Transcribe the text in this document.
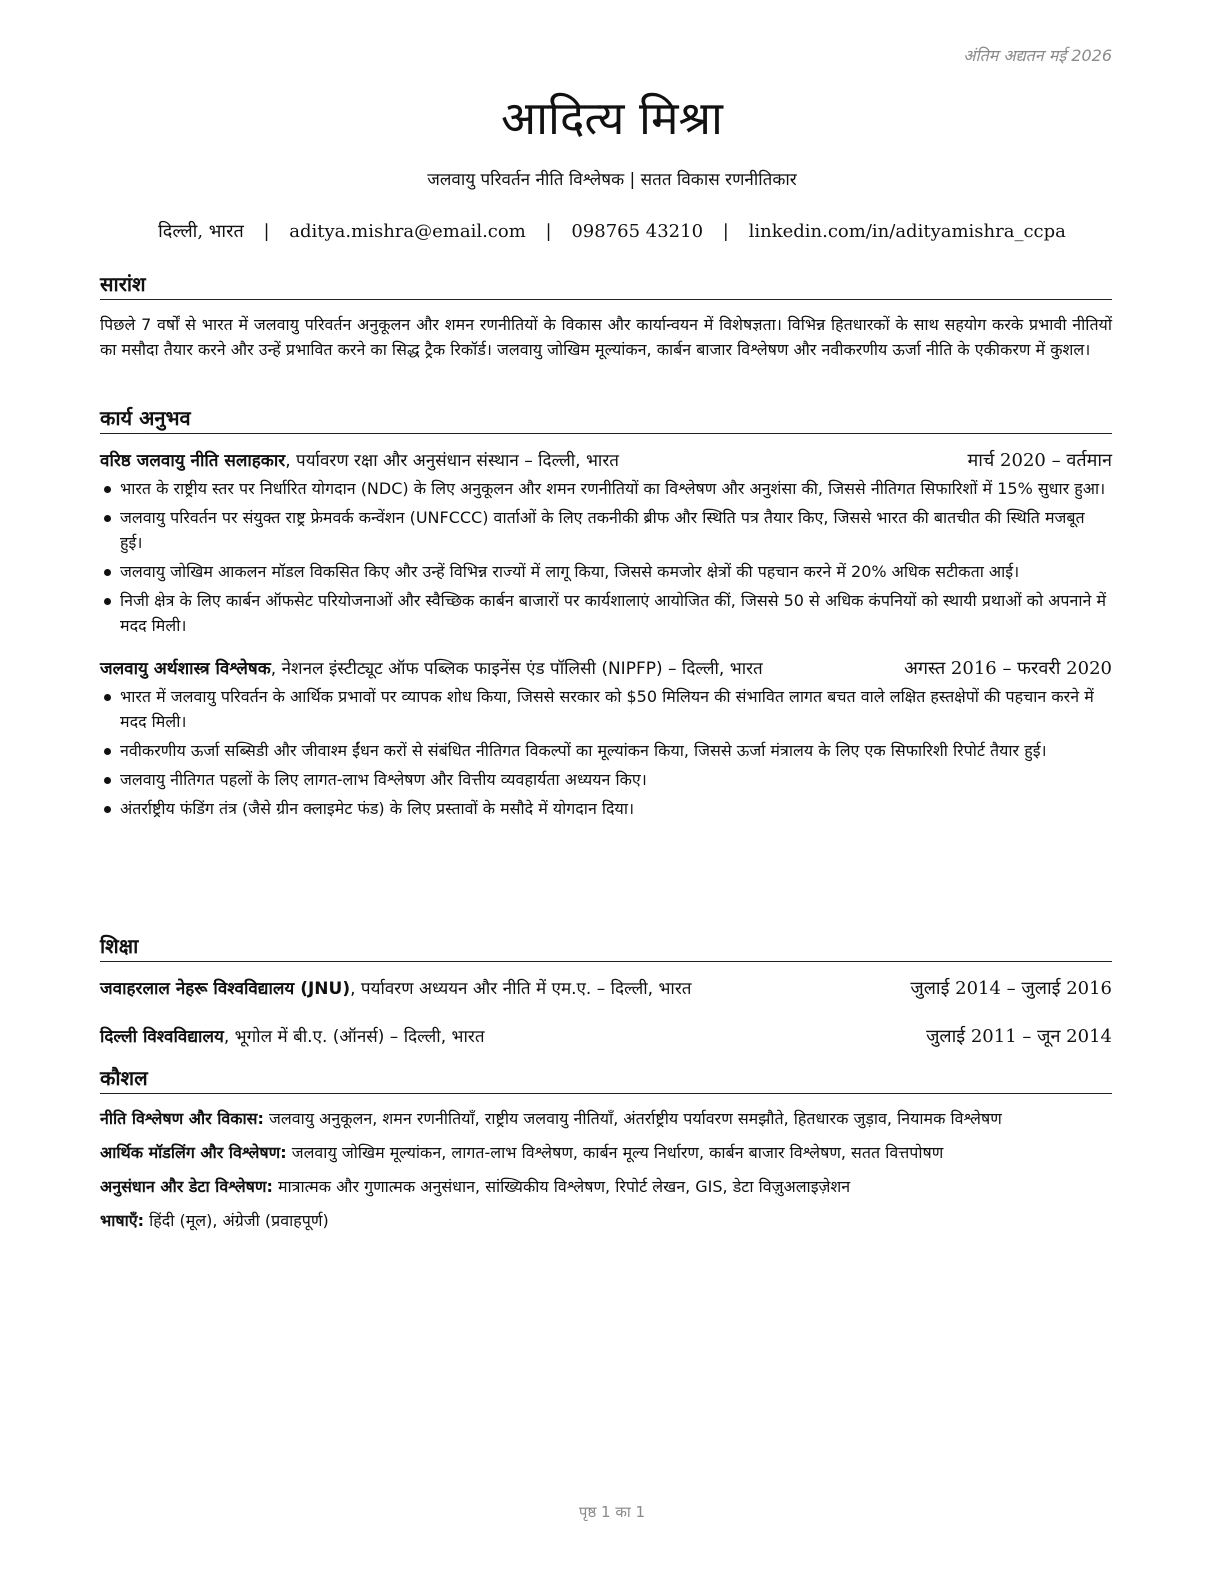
अंतिम अद्यतन मई 2026
आदित्य मिश्रा
जलवायु परिवर्तन नीति विश्लेषक | सतत विकास रणनीतिकार
दिल्ली, भारत | aditya.mishra@email.com | 098765 43210 | linkedin.com/in/adityamishra_ccpa
सारांश
पिछले 7 वर्षों से भारत में जलवायु परिवर्तन अनुकूलन और शमन रणनीतियों के विकास और कार्यान्वयन में विशेषज्ञता। विभिन्न हितधारकों के साथ सहयोग करके प्रभावी नीतियों का मसौदा तैयार करने और उन्हें प्रभावित करने का सिद्ध ट्रैक रिकॉर्ड। जलवायु जोखिम मूल्यांकन, कार्बन बाजार विश्लेषण और नवीकरणीय ऊर्जा नीति के एकीकरण में कुशल।
कार्य अनुभव
वरिष्ठ जलवायु नीति सलाहकार, पर्यावरण रक्षा और अनुसंधान संस्थान – दिल्ली, भारत	मार्च 2020 – वर्तमान
भारत के राष्ट्रीय स्तर पर निर्धारित योगदान (NDC) के लिए अनुकूलन और शमन रणनीतियों का विश्लेषण और अनुशंसा की, जिससे नीतिगत सिफारिशों में 15% सुधार हुआ।
जलवायु परिवर्तन पर संयुक्त राष्ट्र फ्रेमवर्क कन्वेंशन (UNFCCC) वार्ताओं के लिए तकनीकी ब्रीफ और स्थिति पत्र तैयार किए, जिससे भारत की बातचीत की स्थिति मजबूत हुई।
जलवायु जोखिम आकलन मॉडल विकसित किए और उन्हें विभिन्न राज्यों में लागू किया, जिससे कमजोर क्षेत्रों की पहचान करने में 20% अधिक सटीकता आई।
निजी क्षेत्र के लिए कार्बन ऑफसेट परियोजनाओं और स्वैच्छिक कार्बन बाजारों पर कार्यशालाएं आयोजित कीं, जिससे 50 से अधिक कंपनियों को स्थायी प्रथाओं को अपनाने में मदद मिली।
जलवायु अर्थशास्त्र विश्लेषक, नेशनल इंस्टीट्यूट ऑफ पब्लिक फाइनेंस एंड पॉलिसी (NIPFP) – दिल्ली, भारत	अगस्त 2016 – फरवरी 2020
भारत में जलवायु परिवर्तन के आर्थिक प्रभावों पर व्यापक शोध किया, जिससे सरकार को $50 मिलियन की संभावित लागत बचत वाले लक्षित हस्तक्षेपों की पहचान करने में मदद मिली।
नवीकरणीय ऊर्जा सब्सिडी और जीवाश्म ईंधन करों से संबंधित नीतिगत विकल्पों का मूल्यांकन किया, जिससे ऊर्जा मंत्रालय के लिए एक सिफारिशी रिपोर्ट तैयार हुई।
जलवायु नीतिगत पहलों के लिए लागत-लाभ विश्लेषण और वित्तीय व्यवहार्यता अध्ययन किए।
अंतर्राष्ट्रीय फंडिंग तंत्र (जैसे ग्रीन क्लाइमेट फंड) के लिए प्रस्तावों के मसौदे में योगदान दिया।
शिक्षा
जवाहरलाल नेहरू विश्वविद्यालय (JNU), पर्यावरण अध्ययन और नीति में एम.ए. – दिल्ली, भारत	जुलाई 2014 – जुलाई 2016
दिल्ली विश्वविद्यालय, भूगोल में बी.ए. (ऑनर्स) – दिल्ली, भारत	जुलाई 2011 – जून 2014
कौशल
नीति विश्लेषण और विकास: जलवायु अनुकूलन, शमन रणनीतियाँ, राष्ट्रीय जलवायु नीतियाँ, अंतर्राष्ट्रीय पर्यावरण समझौते, हितधारक जुड़ाव, नियामक विश्लेषण
आर्थिक मॉडलिंग और विश्लेषण: जलवायु जोखिम मूल्यांकन, लागत-लाभ विश्लेषण, कार्बन मूल्य निर्धारण, कार्बन बाजार विश्लेषण, सतत वित्तपोषण
अनुसंधान और डेटा विश्लेषण: मात्रात्मक और गुणात्मक अनुसंधान, सांख्यिकीय विश्लेषण, रिपोर्ट लेखन, GIS, डेटा विज़ुअलाइज़ेशन
भाषाएँ: हिंदी (मूल), अंग्रेजी (प्रवाहपूर्ण)
पृष्ठ 1 का 1
